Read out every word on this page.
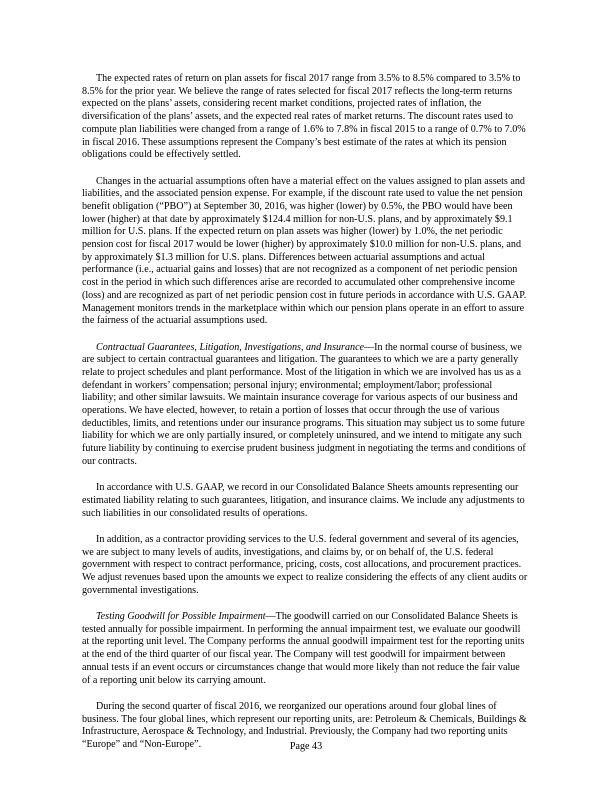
The expected rates of return on plan assets for fiscal 2017 range from 3.5% to 8.5% compared to 3.5% to 8.5% for the prior year. We believe the range of rates selected for fiscal 2017 reflects the long-term returns expected on the plans’ assets, considering recent market conditions, projected rates of inflation, the diversification of the plans’ assets, and the expected real rates of market returns. The discount rates used to compute plan liabilities were changed from a range of 1.6% to 7.8% in fiscal 2015 to a range of 0.7% to 7.0% in fiscal 2016. These assumptions represent the Company’s best estimate of the rates at which its pension obligations could be effectively settled.

Changes in the actuarial assumptions often have a material effect on the values assigned to plan assets and liabilities, and the associated pension expense. For example, if the discount rate used to value the net pension benefit obligation (“PBO”) at September 30, 2016, was higher (lower) by 0.5%, the PBO would have been lower (higher) at that date by approximately $124.4 million for non-U.S. plans, and by approximately $9.1 million for U.S. plans. If the expected return on plan assets was higher (lower) by 1.0%, the net periodic pension cost for fiscal 2017 would be lower (higher) by approximately $10.0 million for non-U.S. plans, and by approximately $1.3 million for U.S. plans. Differences between actuarial assumptions and actual performance (i.e., actuarial gains and losses) that are not recognized as a component of net periodic pension cost in the period in which such differences arise are recorded to accumulated other comprehensive income (loss) and are recognized as part of net periodic pension cost in future periods in accordance with U.S. GAAP. Management monitors trends in the marketplace within which our pension plans operate in an effort to assure the fairness of the actuarial assumptions used.

Contractual Guarantees, Litigation, Investigations, and Insurance—In the normal course of business, we are subject to certain contractual guarantees and litigation. The guarantees to which we are a party generally relate to project schedules and plant performance. Most of the litigation in which we are involved has us as a defendant in workers’ compensation; personal injury; environmental; employment/labor; professional liability; and other similar lawsuits. We maintain insurance coverage for various aspects of our business and operations. We have elected, however, to retain a portion of losses that occur through the use of various deductibles, limits, and retentions under our insurance programs. This situation may subject us to some future liability for which we are only partially insured, or completely uninsured, and we intend to mitigate any such future liability by continuing to exercise prudent business judgment in negotiating the terms and conditions of our contracts.

In accordance with U.S. GAAP, we record in our Consolidated Balance Sheets amounts representing our estimated liability relating to such guarantees, litigation, and insurance claims. We include any adjustments to such liabilities in our consolidated results of operations.

In addition, as a contractor providing services to the U.S. federal government and several of its agencies, we are subject to many levels of audits, investigations, and claims by, or on behalf of, the U.S. federal government with respect to contract performance, pricing, costs, cost allocations, and procurement practices. We adjust revenues based upon the amounts we expect to realize considering the effects of any client audits or governmental investigations.

Testing Goodwill for Possible Impairment—The goodwill carried on our Consolidated Balance Sheets is tested annually for possible impairment. In performing the annual impairment test, we evaluate our goodwill at the reporting unit level. The Company performs the annual goodwill impairment test for the reporting units at the end of the third quarter of our fiscal year. The Company will test goodwill for impairment between annual tests if an event occurs or circumstances change that would more likely than not reduce the fair value of a reporting unit below its carrying amount.

During the second quarter of fiscal 2016, we reorganized our operations around four global lines of business. The four global lines, which represent our reporting units, are: Petroleum & Chemicals, Buildings & Infrastructure, Aerospace & Technology, and Industrial. Previously, the Company had two reporting units “Europe” and “Non-Europe”.	Page 43
